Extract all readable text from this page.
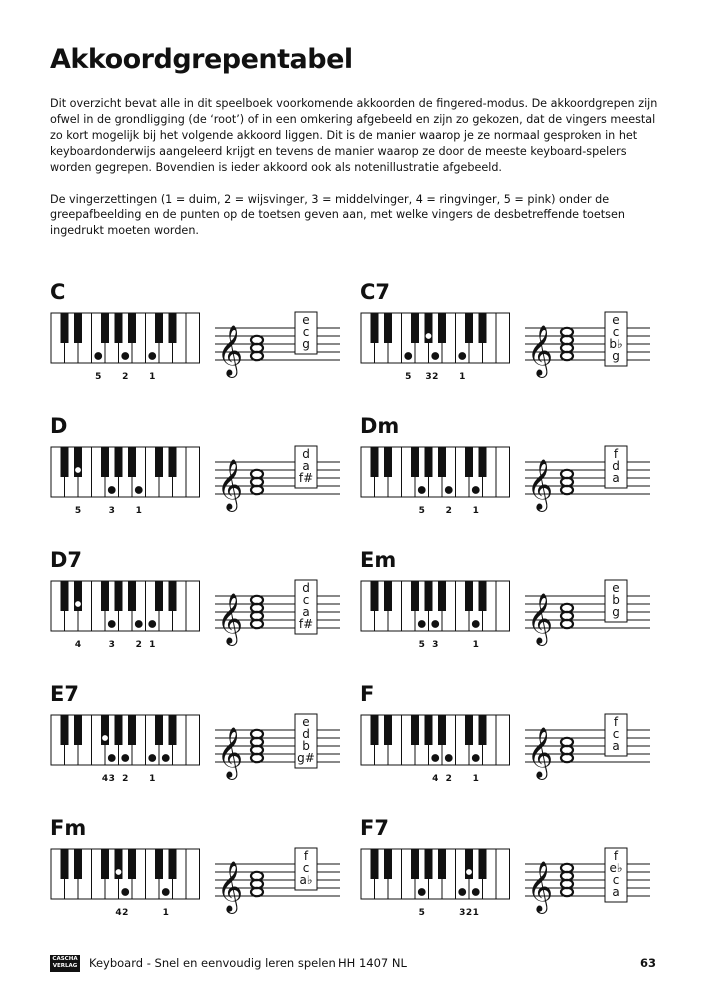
Akkoordgrepentabel

Dit overzicht bevat alle in dit speelboek voorkomende akkoorden de fingered-modus. De akkoordgrepen zijn ofwel in de grondligging (de ‘root’) of in een omkering afgebeeld en zijn zo gekozen, dat de vingers meestal zo kort mogelijk bij het volgende akkoord liggen. Dit is de manier waarop je ze normaal gesproken in het keyboardonderwijs aangeleerd krijgt en tevens de manier waarop ze door de meeste keyboard-spelers worden gegrepen. Bovendien is ieder akkoord ook als notenillustratie afgebeeld.

De vingerzettingen (1 = duim, 2 = wijsvinger, 3 = middelvinger, 4 = ringvinger, 5 = pink) onder de greepafbeelding en de punten op de toetsen geven aan, met welke vingers de desbetreffende toetsen ingedrukt moeten worden.

C
5 2 1
𝄞
e
c
g
C7
5 3 2 1
𝄞
e
c
b♭
g
D
5	3 1
𝄞
d
a
f#
Dm
5 2 1
𝄞
f
d
a
D7
4	3 2 1
𝄞
d
c
a
f#
Em
5 3	1
𝄞
e
b
g
E7
4 3 2 1
𝄞
e
d
b
g#
F
4 2 1
𝄞
f
c
a
Fm
4 2	1
𝄞
f
c
a♭
F7
5	3 2 1
𝄞
f
e♭
c
a
CASCHA
VERLAG Keyboard - Snel en eenvoudig leren spelen HH 1407 NL	63
